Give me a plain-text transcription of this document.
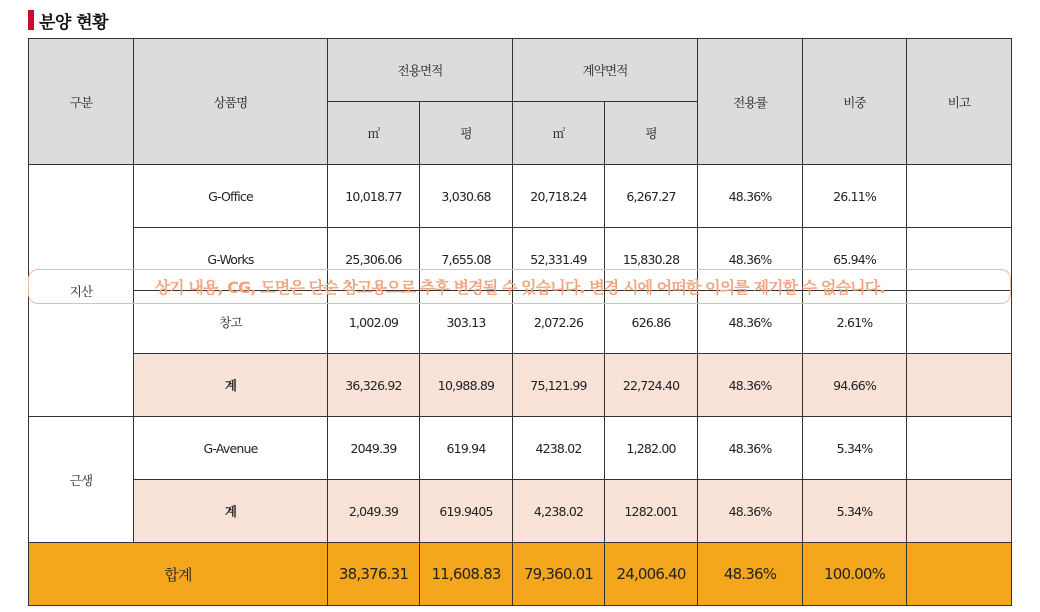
분양 현황
구분	상품명	전용면적		계약면적		전용률	비중	비고
		㎡	평	㎡	평			
지산	G-Office	10,018.77	3,030.68	20,718.24	6,267.27	48.36%	26.11%	
	G-Works	25,306.06	7,655.08	52,331.49	15,830.28	48.36%	65.94%	
	창고	1,002.09	303.13	2,072.26	626.86	48.36%	2.61%	
	계	36,326.92	10,988.89	75,121.99	22,724.40	48.36%	94.66%	
근생	G-Avenue	2049.39	619.94	4238.02	1,282.00	48.36%	5.34%	
	계	2,049.39	619.9405	4,238.02	1282.001	48.36%	5.34%	
합계		38,376.31	11,608.83	79,360.01	24,006.40	48.36%	100.00%	
상기 내용, CG, 도면은 단순 참고용으로 추후 변경될 수 있습니다. 변경 시에 어떠한 이의를 제기할 수 없습니다.
